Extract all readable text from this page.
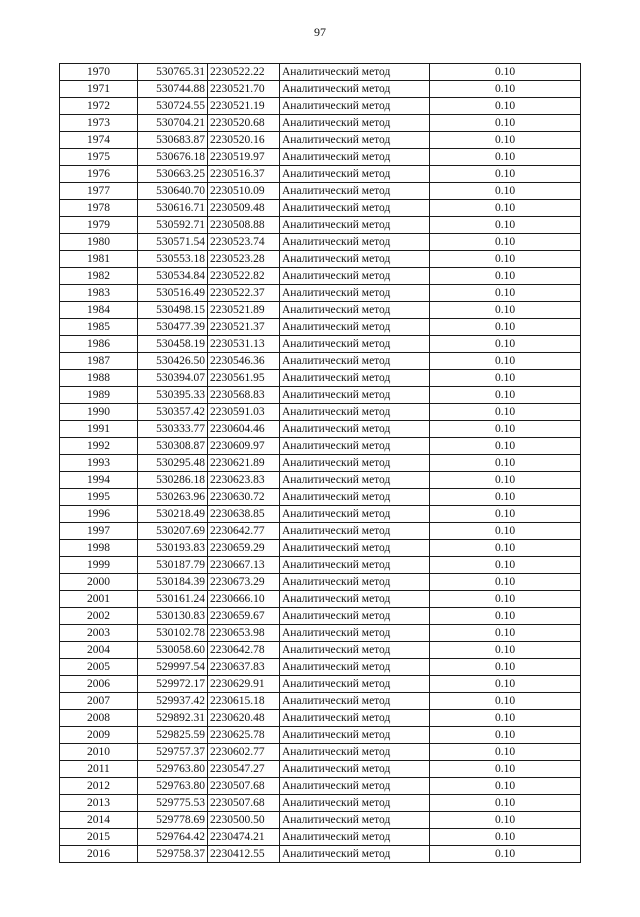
97
1970	530765.31	2230522.22	Аналитический метод	0.10
1971	530744.88	2230521.70	Аналитический метод	0.10
1972	530724.55	2230521.19	Аналитический метод	0.10
1973	530704.21	2230520.68	Аналитический метод	0.10
1974	530683.87	2230520.16	Аналитический метод	0.10
1975	530676.18	2230519.97	Аналитический метод	0.10
1976	530663.25	2230516.37	Аналитический метод	0.10
1977	530640.70	2230510.09	Аналитический метод	0.10
1978	530616.71	2230509.48	Аналитический метод	0.10
1979	530592.71	2230508.88	Аналитический метод	0.10
1980	530571.54	2230523.74	Аналитический метод	0.10
1981	530553.18	2230523.28	Аналитический метод	0.10
1982	530534.84	2230522.82	Аналитический метод	0.10
1983	530516.49	2230522.37	Аналитический метод	0.10
1984	530498.15	2230521.89	Аналитический метод	0.10
1985	530477.39	2230521.37	Аналитический метод	0.10
1986	530458.19	2230531.13	Аналитический метод	0.10
1987	530426.50	2230546.36	Аналитический метод	0.10
1988	530394.07	2230561.95	Аналитический метод	0.10
1989	530395.33	2230568.83	Аналитический метод	0.10
1990	530357.42	2230591.03	Аналитический метод	0.10
1991	530333.77	2230604.46	Аналитический метод	0.10
1992	530308.87	2230609.97	Аналитический метод	0.10
1993	530295.48	2230621.89	Аналитический метод	0.10
1994	530286.18	2230623.83	Аналитический метод	0.10
1995	530263.96	2230630.72	Аналитический метод	0.10
1996	530218.49	2230638.85	Аналитический метод	0.10
1997	530207.69	2230642.77	Аналитический метод	0.10
1998	530193.83	2230659.29	Аналитический метод	0.10
1999	530187.79	2230667.13	Аналитический метод	0.10
2000	530184.39	2230673.29	Аналитический метод	0.10
2001	530161.24	2230666.10	Аналитический метод	0.10
2002	530130.83	2230659.67	Аналитический метод	0.10
2003	530102.78	2230653.98	Аналитический метод	0.10
2004	530058.60	2230642.78	Аналитический метод	0.10
2005	529997.54	2230637.83	Аналитический метод	0.10
2006	529972.17	2230629.91	Аналитический метод	0.10
2007	529937.42	2230615.18	Аналитический метод	0.10
2008	529892.31	2230620.48	Аналитический метод	0.10
2009	529825.59	2230625.78	Аналитический метод	0.10
2010	529757.37	2230602.77	Аналитический метод	0.10
2011	529763.80	2230547.27	Аналитический метод	0.10
2012	529763.80	2230507.68	Аналитический метод	0.10
2013	529775.53	2230507.68	Аналитический метод	0.10
2014	529778.69	2230500.50	Аналитический метод	0.10
2015	529764.42	2230474.21	Аналитический метод	0.10
2016	529758.37	2230412.55	Аналитический метод	0.10
